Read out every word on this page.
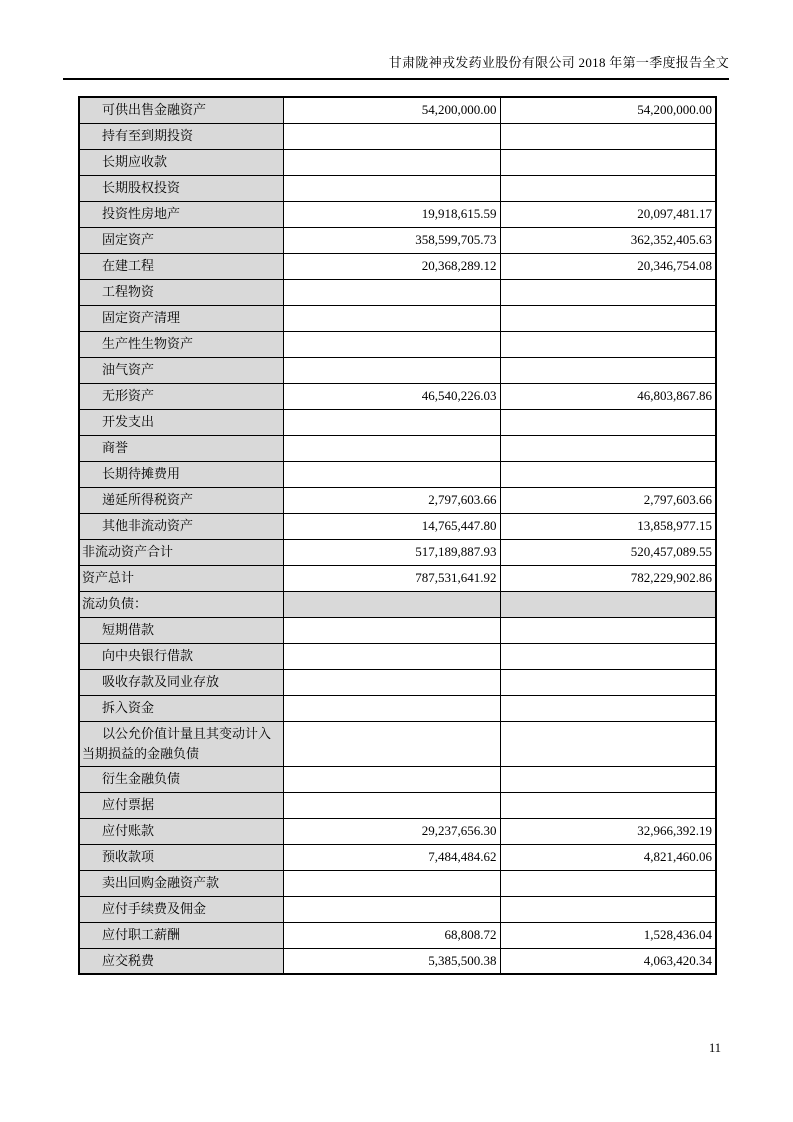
甘肃陇神戎发药业股份有限公司 2018 年第一季度报告全文
可供出售金融资产	54,200,000.00	54,200,000.00
持有至到期投资		
长期应收款		
长期股权投资		
投资性房地产	19,918,615.59	20,097,481.17
固定资产	358,599,705.73	362,352,405.63
在建工程	20,368,289.12	20,346,754.08
工程物资		
固定资产清理		
生产性生物资产		
油气资产		
无形资产	46,540,226.03	46,803,867.86
开发支出		
商誉		
长期待摊费用		
递延所得税资产	2,797,603.66	2,797,603.66
其他非流动资产	14,765,447.80	13,858,977.15
非流动资产合计	517,189,887.93	520,457,089.55
资产总计	787,531,641.92	782,229,902.86
流动负债：		
短期借款		
向中央银行借款		
吸收存款及同业存放		
拆入资金		
以公允价值计量且其变动计入当期损益的金融负债		
衍生金融负债		
应付票据		
应付账款	29,237,656.30	32,966,392.19
预收款项	7,484,484.62	4,821,460.06
卖出回购金融资产款		
应付手续费及佣金		
应付职工薪酬	68,808.72	1,528,436.04
应交税费	5,385,500.38	4,063,420.34
11
